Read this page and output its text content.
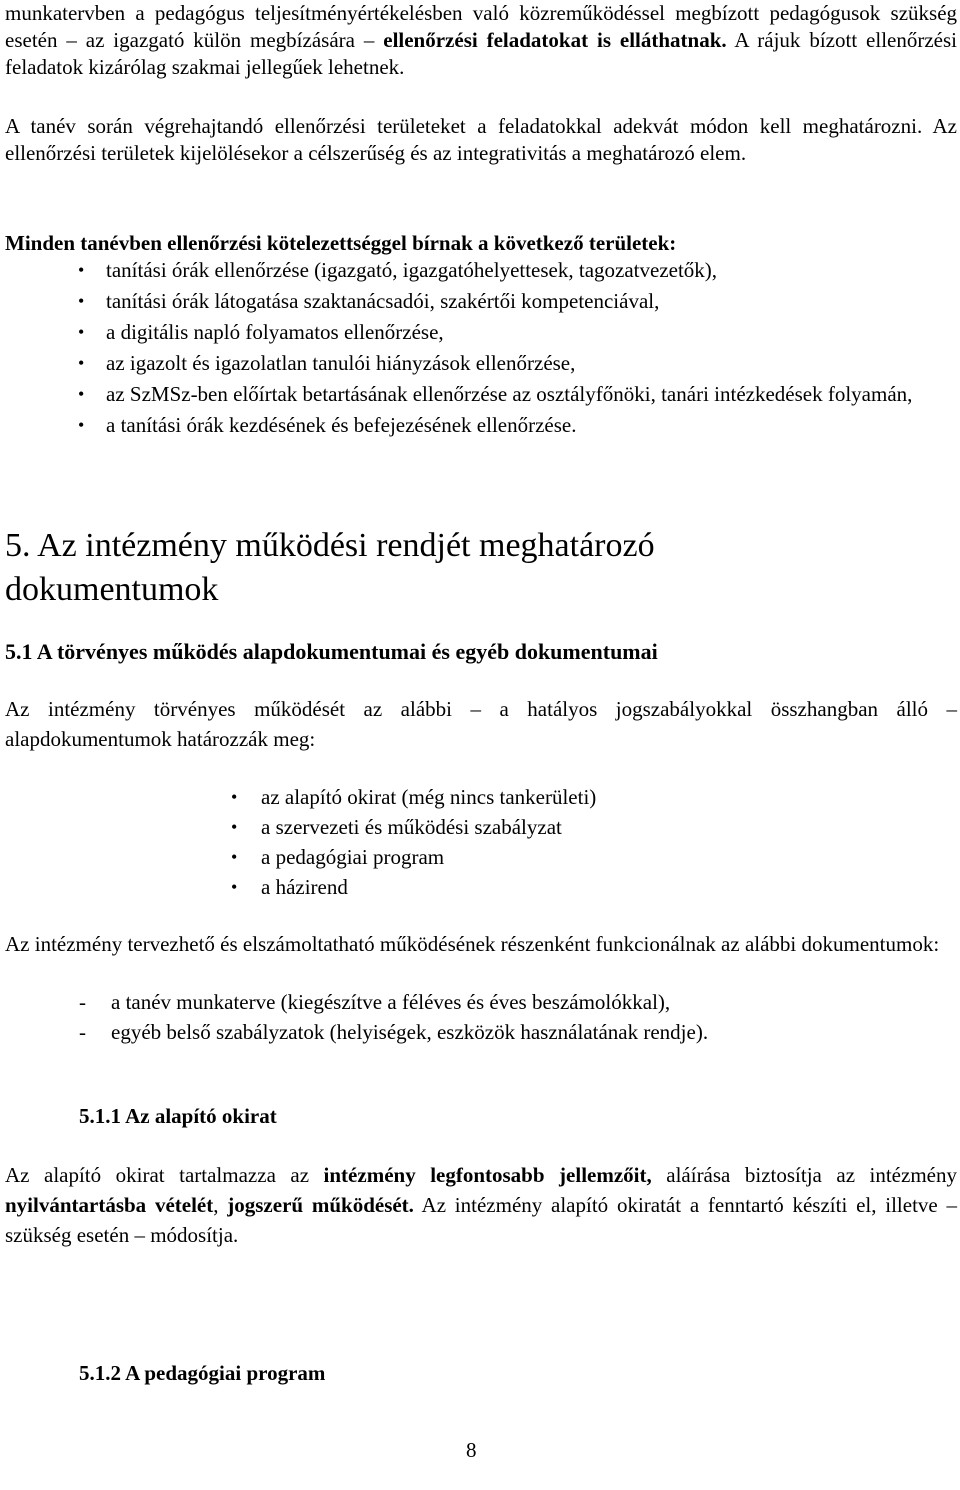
munkatervben a pedagógus teljesítményértékelésben való közreműködéssel megbízott pedagógusok szükség esetén – az igazgató külön megbízására – ellenőrzési feladatokat is elláthatnak. A rájuk bízott ellenőrzési feladatok kizárólag szakmai jellegűek lehetnek.

A tanév során végrehajtandó ellenőrzési területeket a feladatokkal adekvát módon kell meghatározni. Az ellenőrzési területek kijelölésekor a célszerűség és az integrativitás a meghatározó elem.

Minden tanévben ellenőrzési kötelezettséggel bírnak a következő területek:

• tanítási órák ellenőrzése (igazgató, igazgatóhelyettesek, tagozatvezetők),
• tanítási órák látogatása szaktanácsadói, szakértői kompetenciával,
• a digitális napló folyamatos ellenőrzése,
• az igazolt és igazolatlan tanulói hiányzások ellenőrzése,
• az SzMSz-ben előírtak betartásának ellenőrzése az osztályfőnöki, tanári intézkedések folyamán,
• a tanítási órák kezdésének és befejezésének ellenőrzése.
5. Az intézmény működési rendjét meghatározó dokumentumok
5.1 A törvényes működés alapdokumentumai és egyéb dokumentumai

Az intézmény törvényes működését az alábbi – a hatályos jogszabályokkal összhangban álló – alapdokumentumok határozzák meg:

• az alapító okirat (még nincs tankerületi)
• a szervezeti és működési szabályzat
• a pedagógiai program
• a házirend

Az intézmény tervezhető és elszámoltatható működésének részenként funkcionálnak az alábbi dokumentumok:

- a tanév munkaterve (kiegészítve a féléves és éves beszámolókkal),
- egyéb belső szabályzatok (helyiségek, eszközök használatának rendje).
5.1.1 Az alapító okirat

Az alapító okirat tartalmazza az intézmény legfontosabb jellemzőit, aláírása biztosítja az intézmény nyilvántartásba vételét, jogszerű működését. Az intézmény alapító okiratát a fenntartó készíti el, illetve – szükség esetén – módosítja.

5.1.2 A pedagógiai program
8
